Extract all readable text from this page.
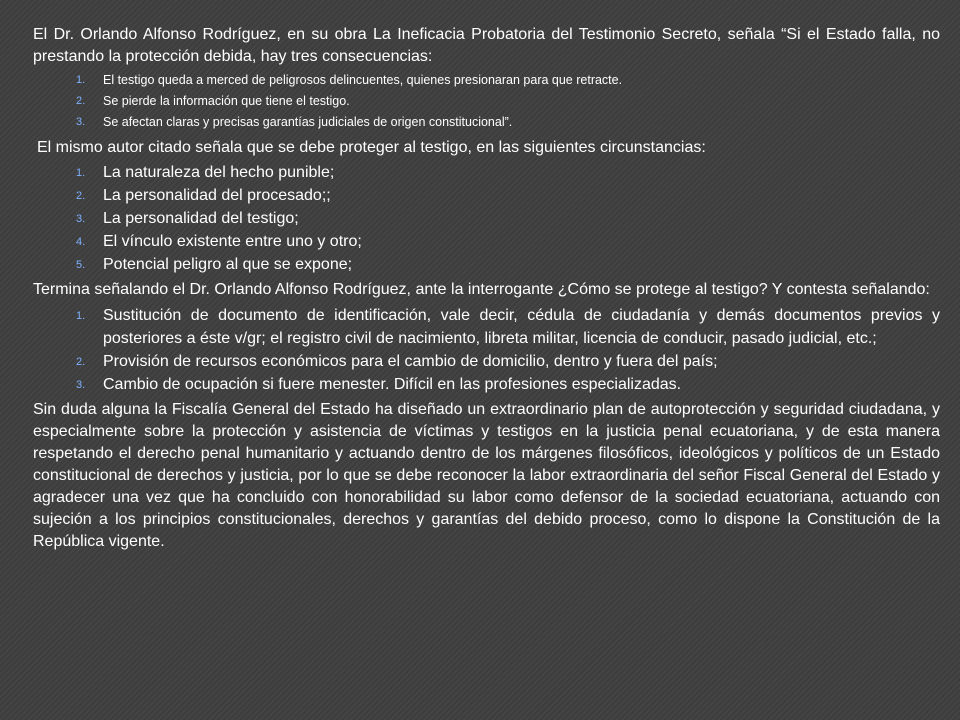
El Dr. Orlando Alfonso Rodríguez, en su obra La Ineficacia Probatoria del Testimonio Secreto, señala “Si el Estado falla, no prestando la protección debida, hay tres consecuencias:

1. El testigo queda a merced de peligrosos delincuentes, quienes presionaran para que retracte.
2. Se pierde la información que tiene el testigo.
3. Se afectan claras y precisas garantías judiciales de origen constitucional”.

El mismo autor citado señala que se debe proteger al testigo, en las siguientes circunstancias:

1. La naturaleza del hecho punible;
2. La personalidad del procesado;;
3. La personalidad del testigo;
4. El vínculo existente entre uno y otro;
5. Potencial peligro al que se expone;

Termina señalando el Dr. Orlando Alfonso Rodríguez, ante la interrogante ¿Cómo se protege al testigo? Y contesta señalando:

1. Sustitución de documento de identificación, vale decir, cédula de ciudadanía y demás documentos previos y posteriores a éste v/gr; el registro civil de nacimiento, libreta militar, licencia de conducir, pasado judicial, etc.;
2. Provisión de recursos económicos para el cambio de domicilio, dentro y fuera del país;
3. Cambio de ocupación si fuere menester. Difícil en las profesiones especializadas.

Sin duda alguna la Fiscalía General del Estado ha diseñado un extraordinario plan de autoprotección y seguridad ciudadana, y especialmente sobre la protección y asistencia de víctimas y testigos en la justicia penal ecuatoriana, y de esta manera respetando el derecho penal humanitario y actuando dentro de los márgenes filosóficos, ideológicos y políticos de un Estado constitucional de derechos y justicia, por lo que se debe reconocer la labor extraordinaria del señor Fiscal General del Estado y agradecer una vez que ha concluido con honorabilidad su labor como defensor de la sociedad ecuatoriana, actuando con sujeción a los principios constitucionales, derechos y garantías del debido proceso, como lo dispone la Constitución de la República vigente.
